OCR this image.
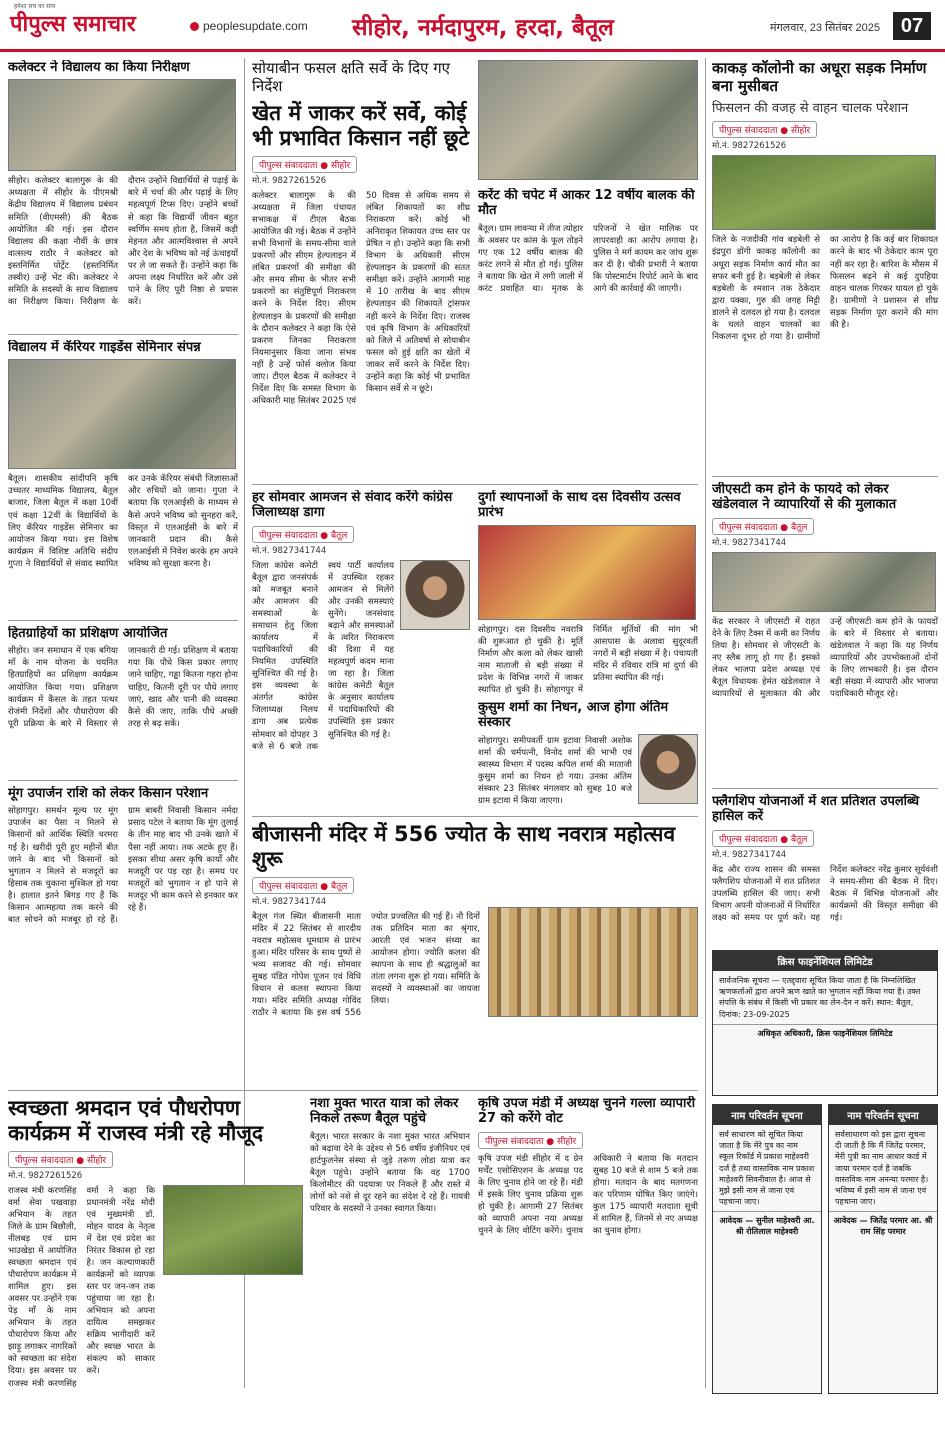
हमेशा सच का साथ
पीपुल्स समाचार	peoplesupdate.com सीहोर, नर्मदापुरम, हरदा, बैतूल	मंगलवार, 23 सितंबर 2025	07
कलेक्टर ने विद्यालय का किया निरीक्षण
सीहोर। कलेक्टर बालागुरू के की अध्यक्षता में सीहोर के पीएमश्री केंद्रीय विद्यालय में विद्यालय प्रबंधन समिति (वीएमसी) की बैठक आयोजित की गई। इस दौरान विद्यालय की कक्षा नौवीं के छात्र वात्सल्य राठौर ने कलेक्टर को इस्तनिर्मित पोर्ट्रेट (हस्तनिर्मित तस्वीर) उन्हें भेंट की। कलेक्टर ने समिति के सदस्यों के साथ विद्यालय का निरीक्षण किया। निरीक्षण के दौरान उन्होंने विद्यार्थियों से पढ़ाई के बारे में चर्चा की और पढ़ाई के लिए महत्वपूर्ण टिप्स दिए। उन्होंने बच्चों से कहा कि विद्यार्थी जीवन बहुत स्वर्णिम समय होता है, जिसमें कड़ी मेहनत और आत्मविश्वास से अपने और देश के भविष्य को नई ऊंचाइयों पर ले जा सकते हैं। उन्होंने कहा कि अपना लक्ष्य निर्धारित करें और उसे पाने के लिए पूरी निष्ठा से प्रयास करें।
विद्यालय में कॅरियर गाइडेंस सेमिनार संपन्न
बैतूल। शासकीय सांदीपनि कृषि उच्चतर माध्यमिक विद्यालय, बैतूल बाजार, जिला बैतूल में कक्षा 10वीं एवं कक्षा 12वीं के विद्यार्थियों के लिए कॅरियर गाइडेंस सेमिनार का आयोजन किया गया। इस विशेष कार्यक्रम में विशिष्ट अतिथि संदीप गुप्ता ने विद्यार्थियों से संवाद स्थापित कर उनके कॅरियर संबंधी जिज्ञासाओं और रुचियों को जाना। गुप्ता ने बताया कि एलआईसी के माध्यम से कैसे अपने भविष्य को सुनहरा करें, विस्तृत में एलआईसी के बारे में जानकारी प्रदान की। कैसे एलआईसी में निवेश करके हम अपने भविष्य को सुरक्षा करना है।
हितग्राहियों का प्रशिक्षण आयोजित
सीहोर। जन समाधान में एक बगिया माँ के नाम योजना के चयनित हितग्राहियों का प्रशिक्षण कार्यक्रम आयोजित किया गया। प्रशिक्षण कार्यक्रम में कैंसल के तहत पत्थर रोजंमी निर्देशों और पौधारोपण की पूरी प्रक्रिया के बारे में विस्तार से जानकारी दी गई। प्रशिक्षण में बताया गया कि पौधे किस प्रकार लगाए जाने चाहिए, गड्ढा कितना गहरा होना चाहिए, कितनी दूरी पर पौधे लगाए जाएं, खाद और पानी की व्यवस्था कैसे की जाए, ताकि पौधे अच्छी तरह से बढ़ सकें।
मूंग उपार्जन राशि को लेकर किसान परेशान
सोहागपुर। समर्थन मूल्य पर मूंग उपार्जन का पैसा न मिलने से किसानों को आर्थिक स्थिति चरमरा गई है। खरीदी पूरी हुए महीनों बीत जाने के बाद भी किसानों को भुगतान न मिलने से मजदूरों का हिसाब तक चुकाना मुश्किल हो गया है। हालात इतने बिगड़ गए हैं कि किसान आत्महत्या तक करने की बात सोचने को मजबूर हो रहे हैं। ग्राम बाबरी निवासी किसान नर्मदा प्रसाद पटेल ने बताया कि मूंग तुलाई के तीन माह बाद भी उनके खाते में पैसा नहीं आया। तक अटके हुए हैं। इसका सीधा असर कृषि कार्यों और मजदूरी पर पड़ रहा है। समय पर मजदूरों को भुगतान न हो पाने से मजदूर भी काम करने से इनकार कर रहे हैं।
सोयाबीन फसल क्षति सर्वे के दिए गए निर्देश
खेत में जाकर करें सर्वे, कोई भी प्रभावित किसान नहीं छूटे
पीपुल्स संवाददाता ● सीहोर
मो.नं. 9827261526
कलेक्टर बालागुरू के की अध्यक्षता में जिला पंचायत सभाकक्ष में टीएल बैठक आयोजित की गई। बैठक में उन्होंने सभी विभागों के समय-सीमा वाले प्रकरणों और सीएम हेल्पलाइन में लंबित प्रकरणों की समीक्षा की और समय सीमा के भीतर सभी प्रकरणों का संतुष्टिपूर्ण निराकरण करने के निर्देश दिए। सीएम हेल्पलाइन के प्रकरणों की समीक्षा के दौरान कलेक्टर ने कहा कि ऐसे प्रकरण जिनका निराकरण नियमानुसार किया जाना संभव नहीं है उन्हें फोर्स क्लोज किया जाए। टीएल बैठक में कलेक्टर ने निर्देश दिए कि समस्त विभाग के अधिकारी माह सितंबर 2025 एवं 50 दिवस से अधिक समय से लंबित शिकायतों का शीघ्र निराकरण करें। कोई भी अनिराकृत शिकायत उच्च स्तर पर प्रेषित न हो। उन्होंने कहा कि सभी विभाग के अधिकारी सीएम हेल्पलाइन के प्रकरणों की सतत समीक्षा करें। उन्होंने आगामी माह में 10 तारीख के बाद सीएम हेल्पलाइन की शिकायतें ट्रांसफर नहीं करने के निर्देश दिए। राजस्व एवं कृषि विभाग के अधिकारियों को जिले में अतिवर्षा से सोयाबीन फसल को हुई क्षति का खेतों में जाकर सर्वे करने के निर्देश दिए। उन्होंने कहा कि कोई भी प्रभावित किसान सर्वे से न छूटे।
करेंट की चपेट में आकर 12 वर्षीय बालक की मौत
बैतूल। ग्राम लावन्या में तीज त्योहार के अवसर पर कांस के फूल तोड़ने गए एक 12 वर्षीय बालक की करंट लगने से मौत हो गई। पुलिस ने बताया कि खेत में लगी जाली में करंट प्रवाहित था। मृतक के परिजनों ने खेत मालिक पर लापरवाही का आरोप लगाया है। पुलिस ने मर्ग कायम कर जांच शुरू कर दी है। चौकी प्रभारी ने बताया कि पोस्टमार्टम रिपोर्ट आने के बाद आगे की कार्रवाई की जाएगी।
हर सोमवार आमजन से संवाद करेंगे कांग्रेस जिलाध्यक्ष डागा
पीपुल्स संवाददाता ● बैतूल
मो.नं. 9827341744
जिला कांग्रेस कमेटी बैतूल द्वारा जनसंपर्क को मजबूत बनाने और आमजन की समस्याओं के समाधान हेतु जिला कार्यालय में पदाधिकारियों की नियमित उपस्थिति सुनिश्चित की गई है। इस व्यवस्था के अंतर्गत कांग्रेस जिलाध्यक्ष निलय डागा अब प्रत्येक सोमवार को दोपहर 3 बजे से 6 बजे तक स्वयं पार्टी कार्यालय में उपस्थित रहकर आमजन से मिलेंगे और उनकी समस्याएं सुनेंगे। जनसंवाद बढ़ाने और समस्याओं के त्वरित निराकरण की दिशा में यह महत्वपूर्ण कदम माना जा रहा है। जिला कांग्रेस कमेटी बैतूल के अनुसार कार्यालय में पदाधिकारियों की उपस्थिति इस प्रकार सुनिश्चित की गई है।
दुर्गा स्थापनाओं के साथ दस दिवसीय उत्सव प्रारंभ
सोहागपुर। दस दिवसीय नवरात्रि की शुरूआत हो चुकी है। मूर्ति निर्माण और कला को लेकर खासी नाम माताजी से बड़ी संख्या में प्रदेश के विभिन्न नगरों में जाकर स्थापित हो चुकी हैं। सोहागपुर में निर्मित मूर्तियों की मांग भी आसपास के अलावा सुदूरवर्ती नगरों में बड़ी संख्या में है। पंचायती मंदिर में रविवार रात्रि मां दुर्गा की प्रतिमा स्थापित की गई।
बीजासनी मंदिर में 556 ज्योत के साथ नवरात्र महोत्सव शुरू
पीपुल्स संवाददाता ● बैतूल
मो.नं. 9827341744
बैतूल गंज स्थित बीजासनी माता मंदिर में 22 सितंबर से शारदीय नवरात्र महोत्सव धूमधाम से प्रारंभ हुआ। मंदिर परिसर के साथ पुष्पों से भव्य सजावट की गई। सोमवार सुबह पंडित गोपेश पूजन एवं विधि विधान से कलश स्थापना किया गया। मंदिर समिति अध्यक्ष गोविंद राठौर ने बताया कि इस वर्ष 556 ज्योत प्रज्वलित की गई हैं। नौ दिनों तक प्रतिदिन माता का श्रृंगार, आरती एवं भजन संध्या का आयोजन होगा। ज्योति कलश की स्थापना के साथ ही श्रद्धालुओं का तांता लगना शुरू हो गया। समिति के सदस्यों ने व्यवस्थाओं का जायजा लिया।
स्वच्छता श्रमदान एवं पौधरोपण कार्यक्रम में राजस्व मंत्री रहे मौजूद
पीपुल्स संवाददाता ● सीहोर
मो.नं. 9827261526
राजस्व मंत्री करणसिंह वर्मा सेवा पखवाड़ा अभियान के तहत जिले के ग्राम बिछौली, नीलबड़ एवं ग्राम भाउखेड़ा में आयोजित स्वच्छता श्रमदान एवं पौधारोपण कार्यक्रम में शामिल हुए। इस अवसर पर उन्होंने एक पेड़ माँ के नाम अभियान के तहत पौधारोपण किया और झाड़ू लगाकर नागरिकों को स्वच्छता का संदेश दिया। इस अवसर पर राजस्व मंत्री करणसिंह वर्मा ने कहा कि प्रधानमंत्री नरेंद्र मोदी एवं मुख्यमंत्री डॉ. मोहन यादव के नेतृत्व में देश एवं प्रदेश का निरंतर विकास हो रहा है। जन कल्याणकारी कार्यक्रमों को व्यापक स्तर पर जन-जन तक पहुंचाया जा रहा है। अभियान को अपना दायित्व समझकर सक्रिय भागीदारी करें और स्वच्छ भारत के संकल्प को साकार करें।
नशा मुक्त भारत यात्रा को लेकर निकले तरूण बैतूल पहुंचे
बैतूल। भारत सरकार के नशा मुक्त भारत अभियान को बढ़ावा देने के उद्देश्य से 56 वर्षीय इंजीनियर एवं हार्टफुलनेस संस्था से जुड़े तरूण लोडा यात्रा कर बैतूल पहुंचे। उन्होंने बताया कि वह 1700 किलोमीटर की पदयात्रा पर निकले हैं और रास्ते में लोगों को नशे से दूर रहने का संदेश दे रहे हैं। गायत्री परिवार के सदस्यों ने उनका स्वागत किया।
कृषि उपज मंडी में अध्यक्ष चुनने गल्ला व्यापारी 27 को करेंगे वोट
पीपुल्स संवाददाता ● सीहोर
कृषि उपज मंडी सीहोर में द ग्रेन मर्चेंट एसोसिएशन के अध्यक्ष पद के लिए चुनाव होने जा रहे हैं। मंडी में इसके लिए चुनाव प्रक्रिया शुरू हो चुकी है। आगामी 27 सितंबर को व्यापारी अपना नया अध्यक्ष चुनने के लिए वोटिंग करेंगे। चुनाव अधिकारी ने बताया कि मतदान सुबह 10 बजे से शाम 5 बजे तक होगा। मतदान के बाद मतगणना कर परिणाम घोषित किए जाएंगे। कुल 175 व्यापारी मतदाता सूची में शामिल हैं, जिनमें से नए अध्यक्ष का चुनाव होगा।
काकड़ कॉलोनी का अधूरा सड़क निर्माण बना मुसीबत
फिसलन की वजह से वाहन चालक परेशान
पीपुल्स संवाददाता ● सीहोर
मो.नं. 9827261526
जिले के नजदीकी गांव बड़बेली से इंद्रपुरा डोंगी काकड़ कॉलोनी का अधूरा सड़क निर्माण कार्य मौत का सफर बनी हुई है। बड़बेली से लेकर बड़बेली के श्मशान तक ठेकेदार द्वारा पक्का, गुरु की जगह मिट्टी डालने से दलदल हो गया है। दलदल के चलते वाहन चालकों का निकलना दूभर हो गया है। ग्रामीणों का आरोप है कि कई बार शिकायत करने के बाद भी ठेकेदार काम पूरा नहीं कर रहा है। बारिश के मौसम में फिसलन बढ़ने से कई दुपहिया वाहन चालक गिरकर घायल हो चुके हैं। ग्रामीणों ने प्रशासन से शीघ्र सड़क निर्माण पूरा कराने की मांग की है।
जीएसटी कम होने के फायदे को लेकर खंडेलवाल ने व्यापारियों से की मुलाकात
पीपुल्स संवाददाता ● बैतूल
मो.नं. 9827341744
केंद्र सरकार ने जीएसटी में राहत देने के लिए टैक्स में कमी का निर्णय लिया है। सोमवार से जीएसटी के नए स्लैब लागू हो गए हैं। इसको लेकर भाजपा प्रदेश अध्यक्ष एवं बैतूल विधायक हेमंत खंडेलवाल ने व्यापारियों से मुलाकात की और उन्हें जीएसटी कम होने के फायदों के बारे में विस्तार से बताया। खंडेलवाल ने कहा कि यह निर्णय व्यापारियों और उपभोक्ताओं दोनों के लिए लाभकारी है। इस दौरान बड़ी संख्या में व्यापारी और भाजपा पदाधिकारी मौजूद रहे।
फ्लैगशिप योजनाओं में शत प्रतिशत उपलब्धि हासिल करें
पीपुल्स संवाददाता ● बैतूल
मो.नं. 9827341744
केंद्र और राज्य शासन की समस्त फ्लैगशिप योजनाओं में शत प्रतिशत उपलब्धि हासिल की जाए। सभी विभाग अपनी योजनाओं में निर्धारित लक्ष्य को समय पर पूर्ण करें। यह निर्देश कलेक्टर नरेंद्र कुमार सूर्यवंशी ने समय-सीमा की बैठक में दिए। बैठक में विभिन्न योजनाओं और कार्यक्रमों की विस्तृत समीक्षा की गई।
क्रिस फाइनेंशियल लिमिटेड
सार्वजनिक सूचना — एतद्द्वारा सूचित किया जाता है कि निम्नलिखित ऋणकर्ताओं द्वारा अपने ऋण खाते का भुगतान नहीं किया गया है। उक्त संपत्ति के संबंध में किसी भी प्रकार का लेन-देन न करें। स्थान: बैतूल, दिनांक: 23-09-2025
अधिकृत अधिकारी, क्रिस फाइनेंशियल लिमिटेड
नाम परिवर्तन सूचना
सर्व साधारण को सूचित किया जाता है कि मेरे पुत्र का नाम स्कूल रिकॉर्ड में प्रकाश माहेश्वरी दर्ज है तथा वास्तविक नाम प्रकाश माहेश्वरी सिवनीवाल है। आज से मुझे इसी नाम से जाना एवं पहचाना जाए।
आवेदक — सुनील माहेश्वरी आ. श्री रोतिलाल माहेश्वरी
नाम परिवर्तन सूचना
सर्वसाधारण को इस द्वारा सूचना दी जाती है कि मैं जितेंद्र परमार, मेरी पुत्री का नाम आधार कार्ड में जाया परमार दर्ज है जबकि वास्तविक नाम अनन्या परमार है। भविष्य में इसी नाम से जाना एवं पहचाना जाए।
आवेदक — जितेंद्र परमार आ. श्री राम सिंह परमार
कुसुम शर्मा का निधन, आज होगा अंतिम संस्कार
सोहागपुर। समीपवर्ती ग्राम इटावा निवासी अशोक शर्मा की धर्मपत्नी, विनोद शर्मा की भाभी एवं स्वास्थ्य विभाग में पदस्थ कपिल शर्मा की माताजी कुसुम शर्मा का निधन हो गया। उनका अंतिम संस्कार 23 सितंबर मंगलवार को सुबह 10 बजे ग्राम इटावा में किया जाएगा।
